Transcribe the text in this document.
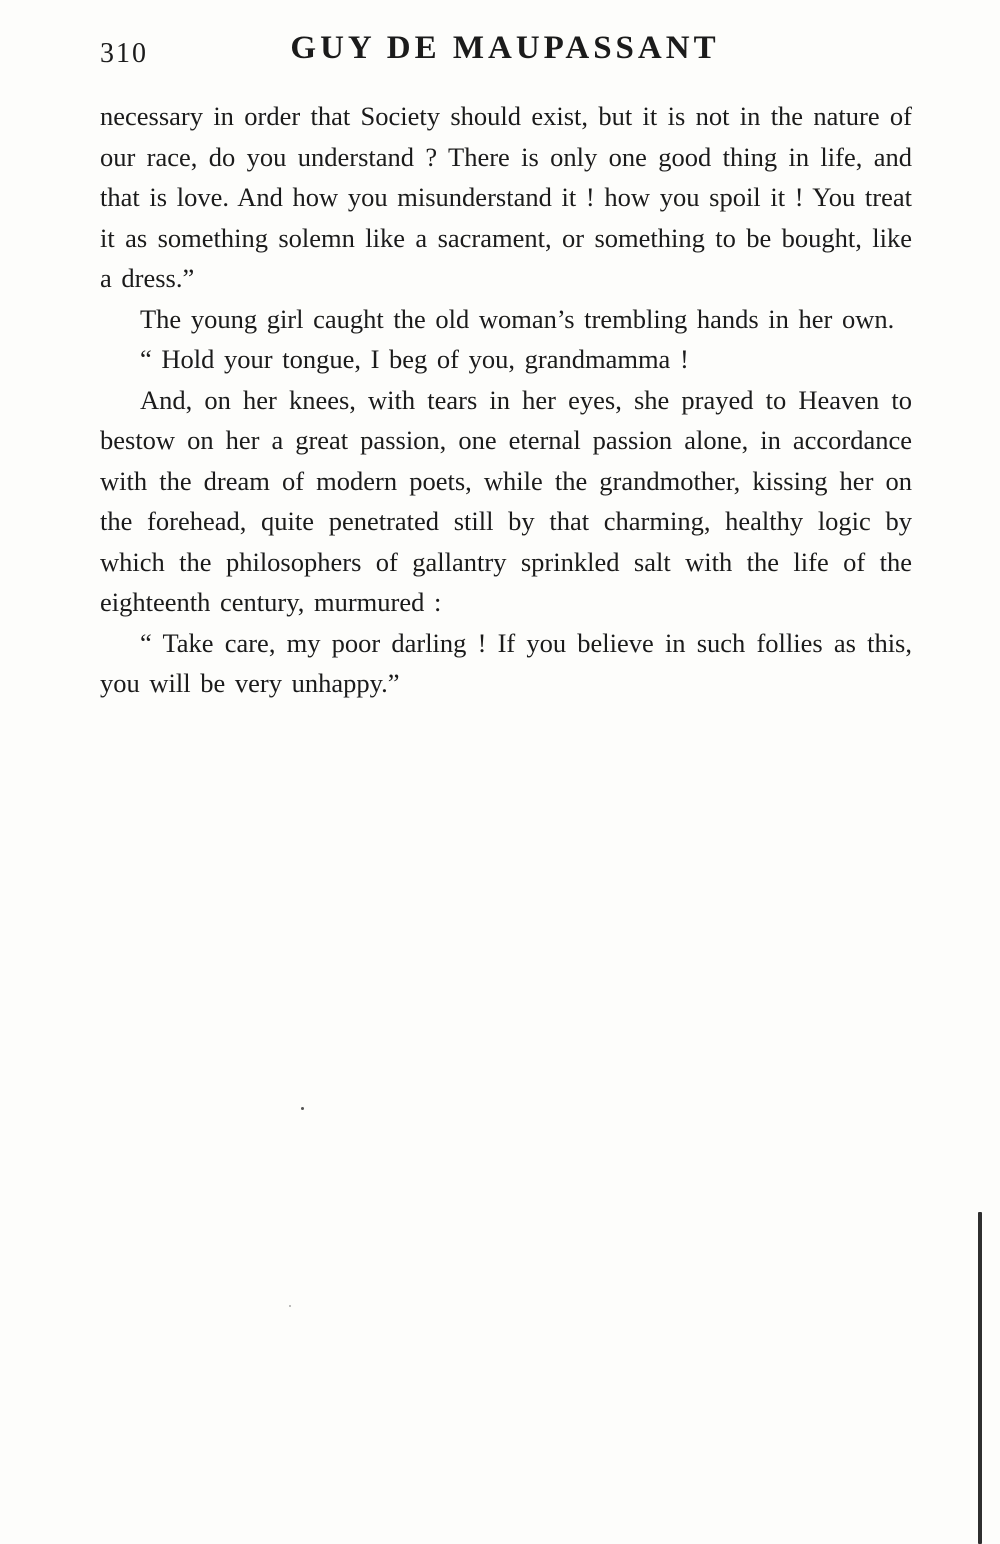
310	GUY DE MAUPASSANT

necessary in order that Society should exist, but it is not in the nature of our race, do you understand ? There is only one good thing in life, and that is love. And how you misunderstand it ! how you spoil it ! You treat it as something solemn like a sacrament, or something to be bought, like a dress.”

The young girl caught the old woman’s trembling hands in her own.

“ Hold your tongue, I beg of you, grandmamma !

And, on her knees, with tears in her eyes, she prayed to Heaven to bestow on her a great passion, one eternal passion alone, in accordance with the dream of modern poets, while the grandmother, kissing her on the forehead, quite penetrated still by that charming, healthy logic by which the philosophers of gallantry sprinkled salt with the life of the eighteenth century, murmured :

“ Take care, my poor darling ! If you believe in such follies as this, you will be very unhappy.”
